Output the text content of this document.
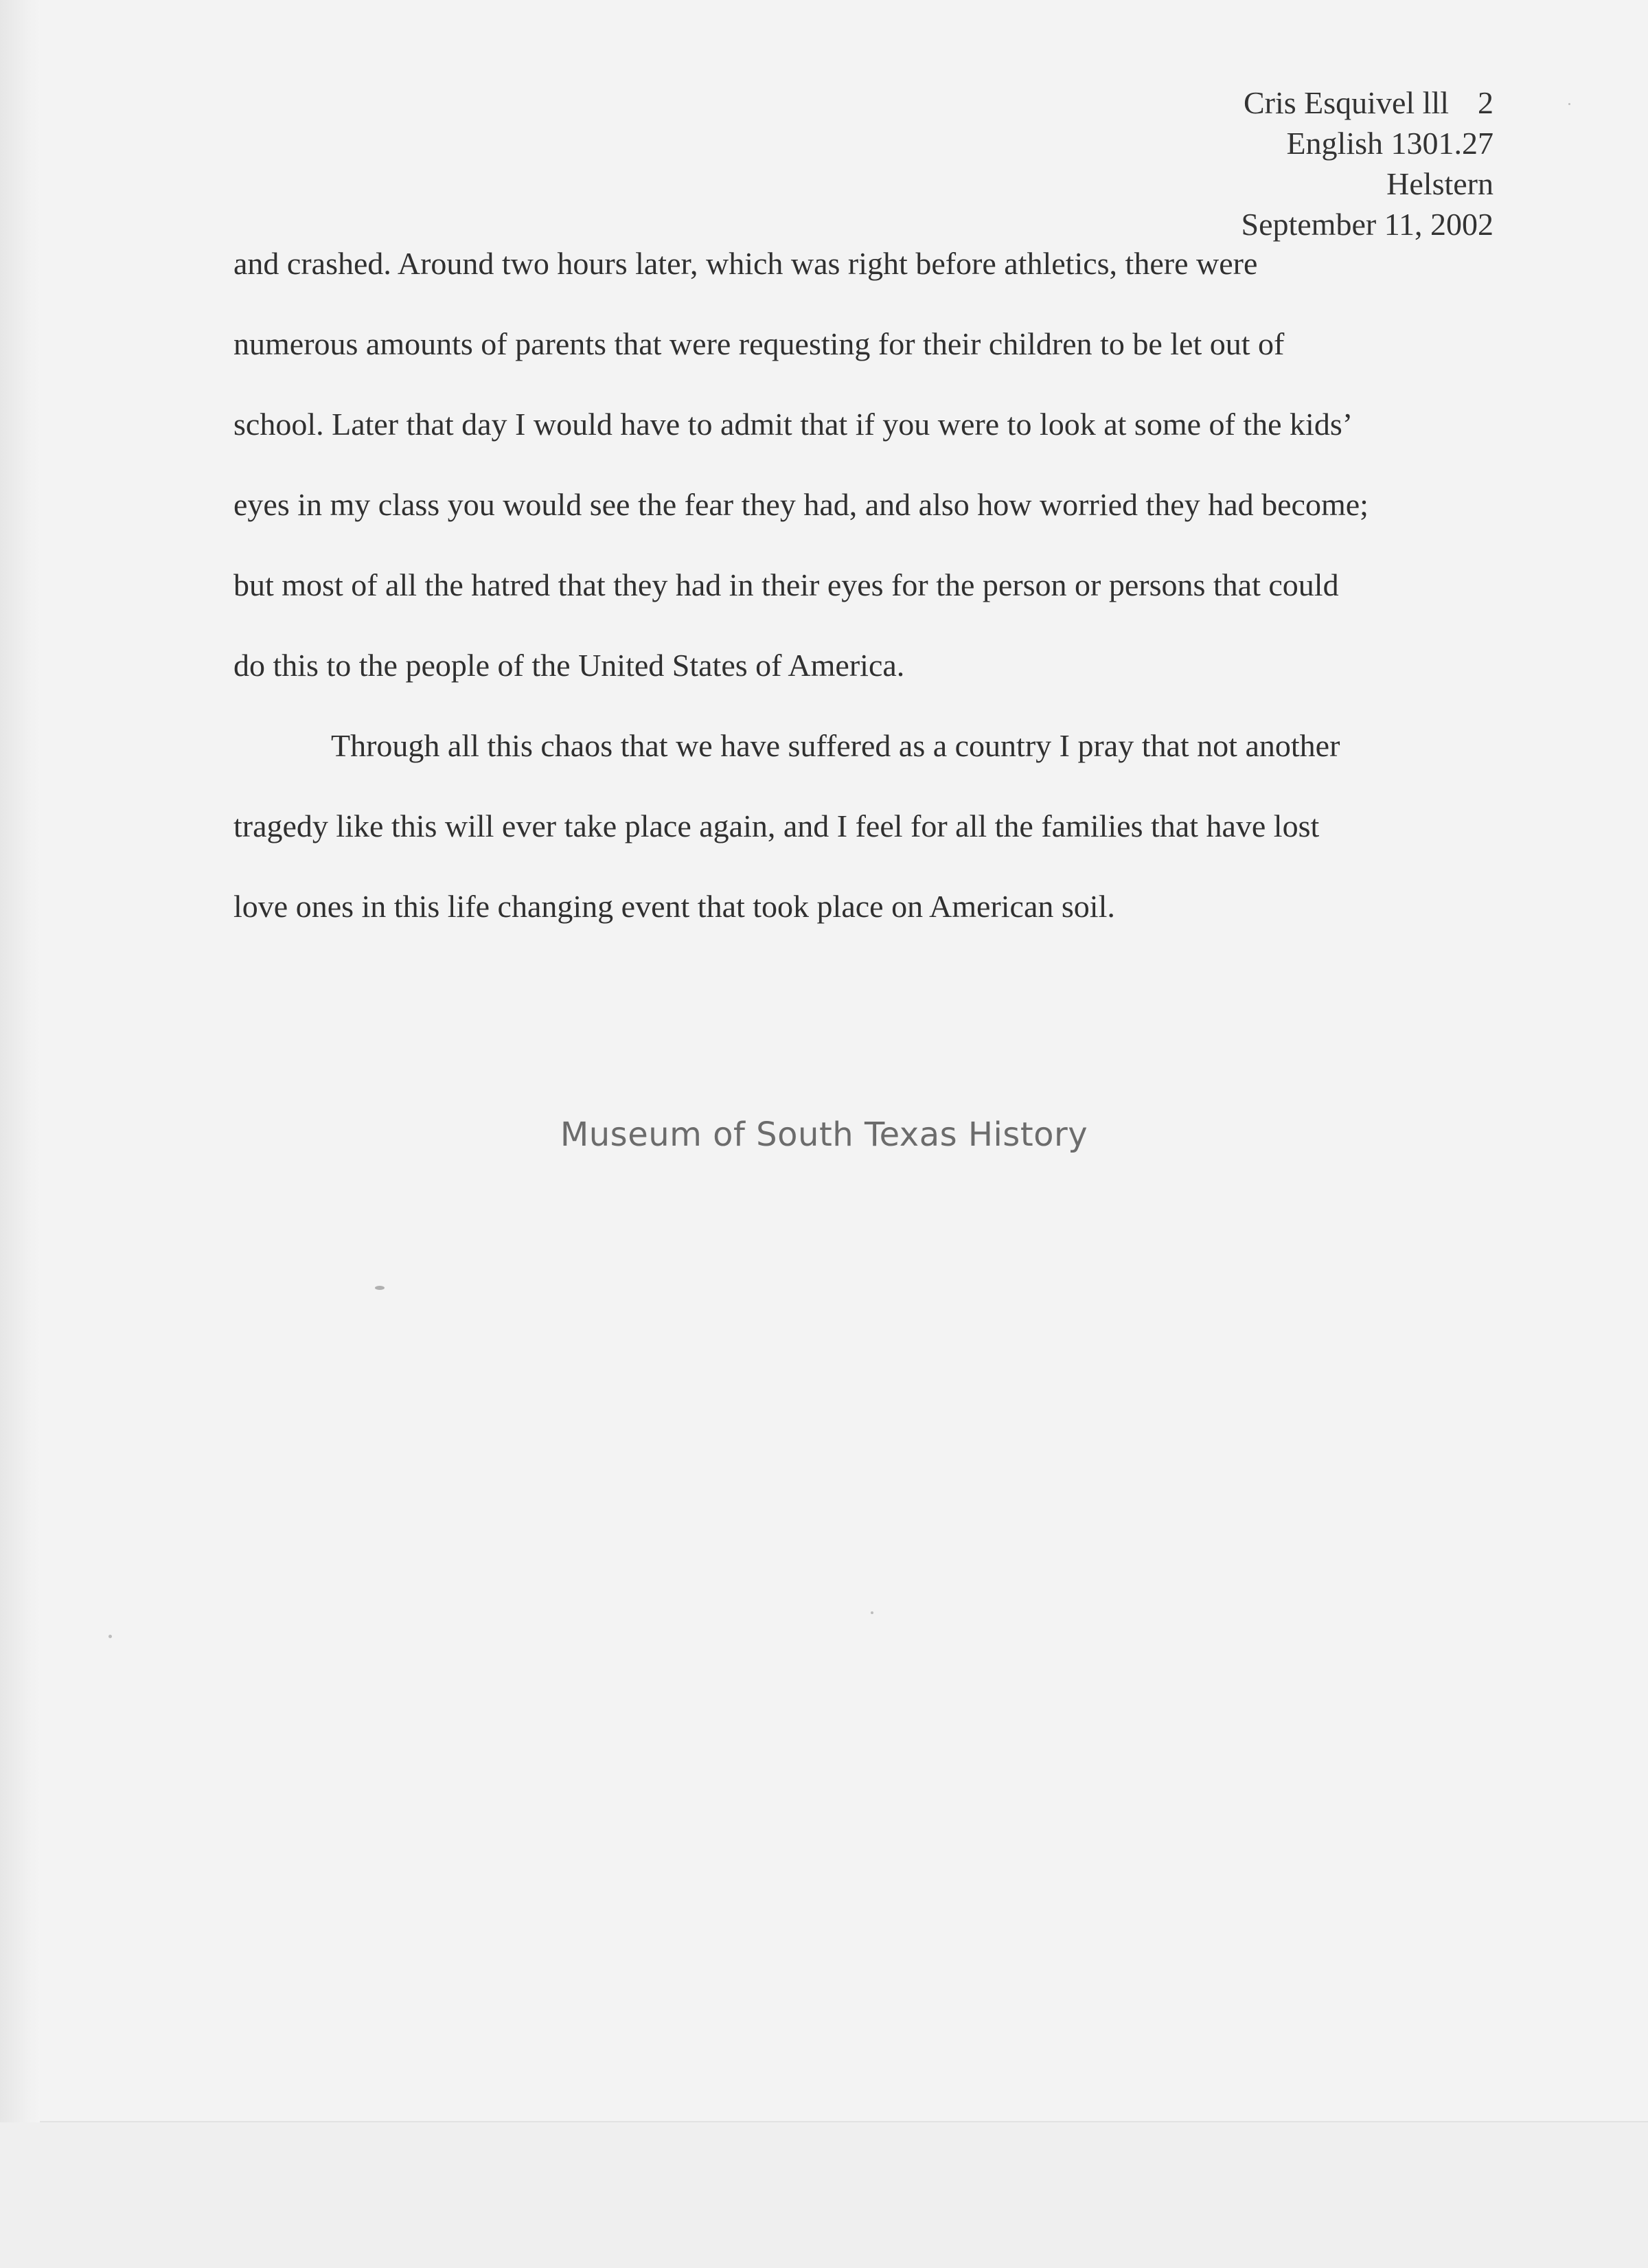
Cris Esquivel lll 2
English 1301.27
Helstern
September 11, 2002
and crashed. Around two hours later, which was right before athletics, there were
numerous amounts of parents that were requesting for their children to be let out of
school. Later that day I would have to admit that if you were to look at some of the kids’
eyes in my class you would see the fear they had, and also how worried they had become;
but most of all the hatred that they had in their eyes for the person or persons that could
do this to the people of the United States of America.
Through all this chaos that we have suffered as a country I pray that not another
tragedy like this will ever take place again, and I feel for all the families that have lost
love ones in this life changing event that took place on American soil.
Museum of South Texas History
